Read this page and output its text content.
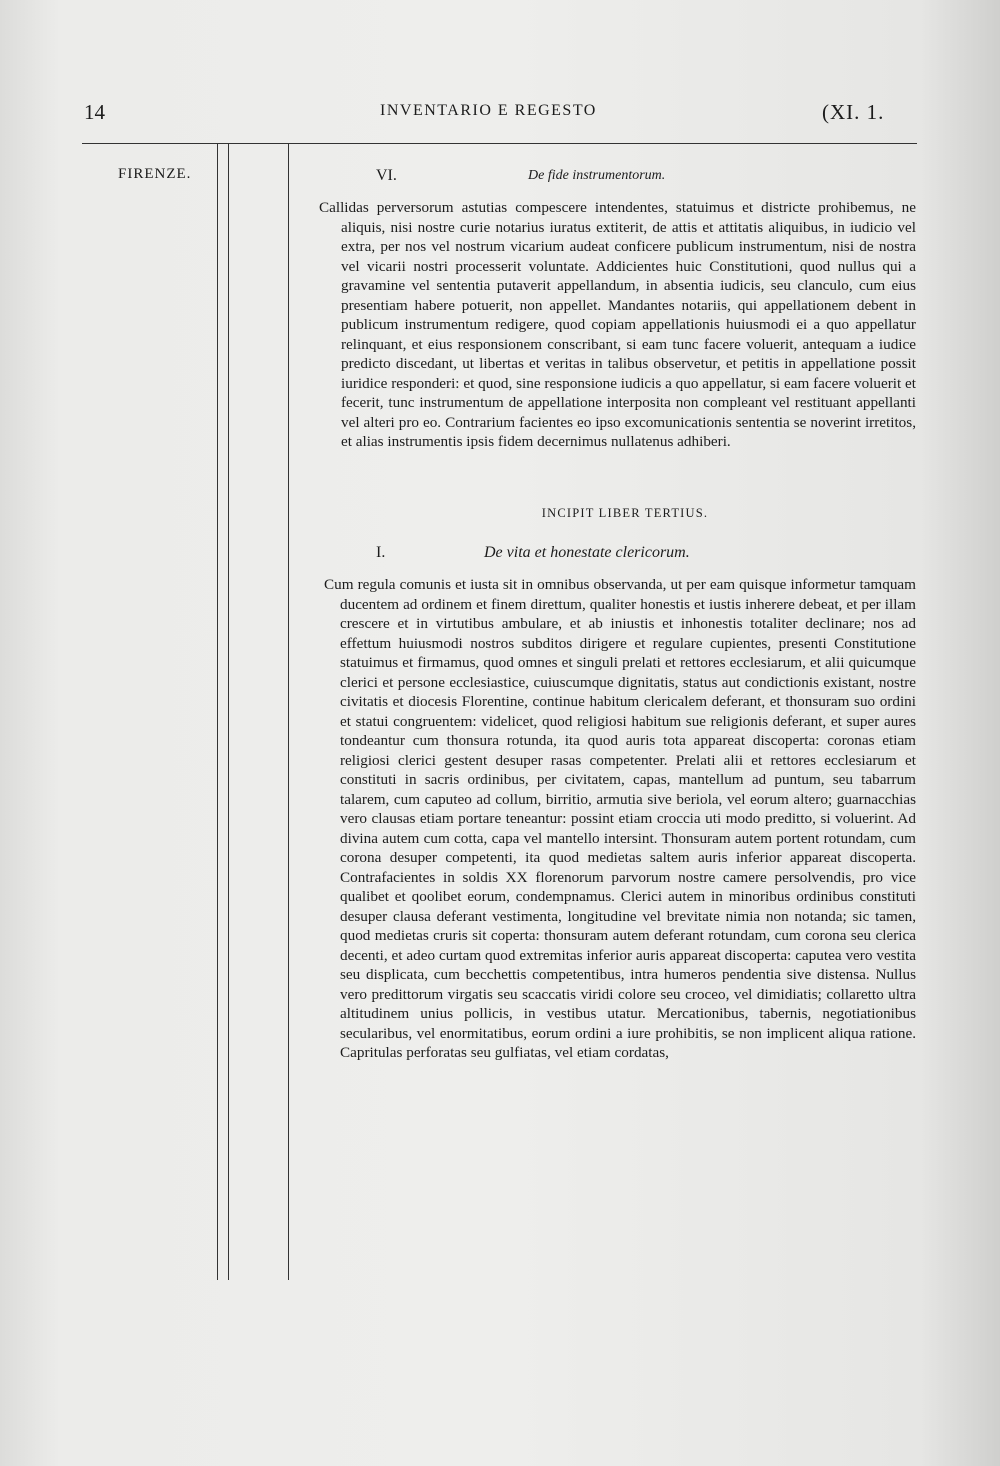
14	INVENTARIO E REGESTO	(XI. 1.
FIRENZE.	VI.	De fide instrumentorum.

Callidas perversorum astutias compescere intendentes, statuimus et districte prohibemus, ne aliquis, nisi nostre curie notarius iuratus extiterit, de attis et attitatis aliquibus, in iudicio vel extra, per nos vel nostrum vicarium audeat conficere publicum instrumentum, nisi de nostra vel vicarii nostri processerit voluntate. Addicientes huic Constitutioni, quod nullus qui a gravamine vel sententia putaverit appellandum, in absentia iudicis, seu clanculo, cum eius presentiam habere potuerit, non appellet. Mandantes notariis, qui appellationem debent in publicum instrumentum redigere, quod copiam appellationis huiusmodi ei a quo appellatur relinquant, et eius responsionem conscribant, si eam tunc facere voluerit, antequam a iudice predicto discedant, ut libertas et veritas in talibus observetur, et petitis in appellatione possit iuridice responderi: et quod, sine responsione iudicis a quo appellatur, si eam facere voluerit et fecerit, tunc instrumentum de appellatione interposita non compleant vel restituant appellanti vel alteri pro eo. Contrarium facientes eo ipso excomunicationis sententia se noverint irretitos, et alias instrumentis ipsis fidem decernimus nullatenus adhiberi.

INCIPIT LIBER TERTIUS.
I.	De vita et honestate clericorum.

Cum regula comunis et iusta sit in omnibus observanda, ut per eam quisque informetur tamquam ducentem ad ordinem et finem direttum, qualiter honestis et iustis inherere debeat, et per illam crescere et in virtutibus ambulare, et ab iniustis et inhonestis totaliter declinare; nos ad effettum huiusmodi nostros subditos dirigere et regulare cupientes, presenti Constitutione statuimus et firmamus, quod omnes et singuli prelati et rettores ecclesiarum, et alii quicumque clerici et persone ecclesiastice, cuiuscumque dignitatis, status aut condictionis existant, nostre civitatis et diocesis Florentine, continue habitum clericalem deferant, et thonsuram suo ordini et statui congruentem: videlicet, quod religiosi habitum sue religionis deferant, et super aures tondeantur cum thonsura rotunda, ita quod auris tota appareat discoperta: coronas etiam religiosi clerici gestent desuper rasas competenter. Prelati alii et rettores ecclesiarum et constituti in sacris ordinibus, per civitatem, capas, mantellum ad puntum, seu tabarrum talarem, cum caputeo ad collum, birritio, armutia sive beriola, vel eorum altero; guarnacchias vero clausas etiam portare teneantur: possint etiam croccia uti modo preditto, si voluerint. Ad divina autem cum cotta, capa vel mantello intersint. Thonsuram autem portent rotundam, cum corona desuper competenti, ita quod medietas saltem auris inferior appareat discoperta. Contrafacientes in soldis XX florenorum parvorum nostre camere persolvendis, pro vice qualibet et qoolibet eorum, condempnamus. Clerici autem in minoribus ordinibus constituti desuper clausa deferant vestimenta, longitudine vel brevitate nimia non notanda; sic tamen, quod medietas cruris sit coperta: thonsuram autem deferant rotundam, cum corona seu clerica decenti, et adeo curtam quod extremitas inferior auris appareat discoperta: caputea vero vestita seu displicata, cum becchettis competentibus, intra humeros pendentia sive distensa. Nullus vero predittorum virgatis seu scaccatis viridi colore seu croceo, vel dimidiatis; collaretto ultra altitudinem unius pollicis, in vestibus utatur. Mercationibus, tabernis, negotiationibus secularibus, vel enormitatibus, eorum ordini a iure prohibitis, se non implicent aliqua ratione. Capritulas perforatas seu gulfiatas, vel etiam cordatas,
